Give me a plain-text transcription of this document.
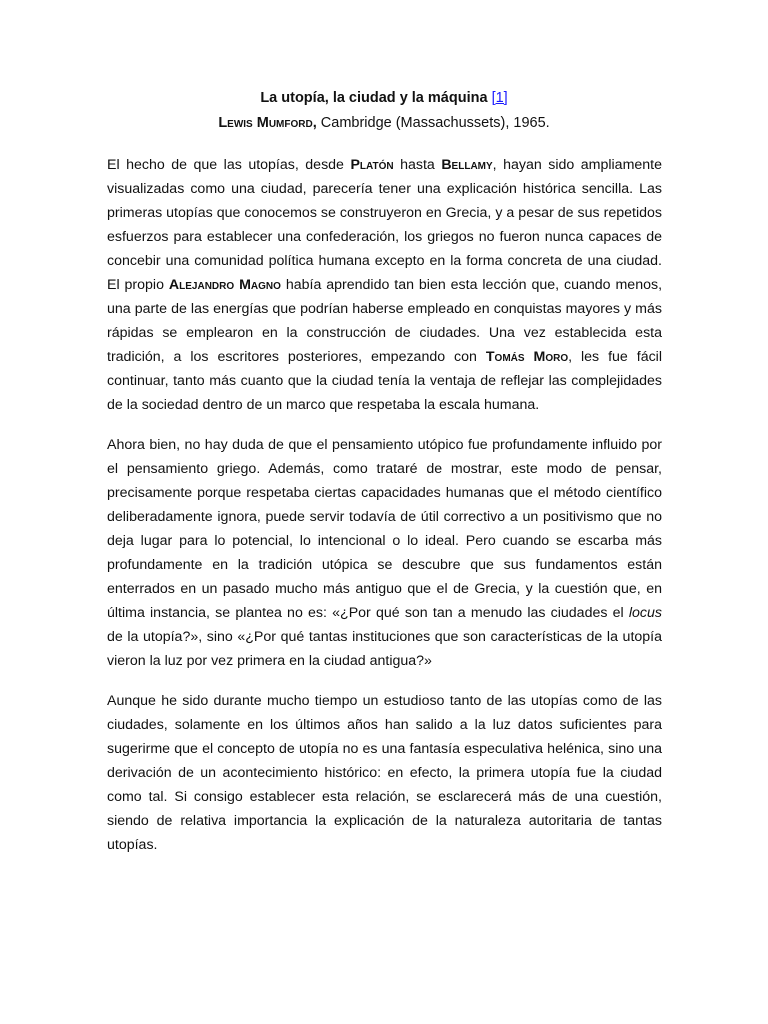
La utopía, la ciudad y la máquina [1]

Lewis Mumford, Cambridge (Massachussets), 1965.

El hecho de que las utopías, desde Platón hasta Bellamy, hayan sido ampliamente visualizadas como una ciudad, parecería tener una explicación histórica sencilla. Las primeras utopías que conocemos se construyeron en Grecia, y a pesar de sus repetidos esfuerzos para establecer una confederación, los griegos no fueron nunca capaces de concebir una comunidad política humana excepto en la forma concreta de una ciudad. El propio Alejandro Magno había aprendido tan bien esta lección que, cuando menos, una parte de las energías que podrían haberse empleado en conquistas mayores y más rápidas se emplearon en la construcción de ciudades. Una vez establecida esta tradición, a los escritores posteriores, empezando con Tomás Moro, les fue fácil continuar, tanto más cuanto que la ciudad tenía la ventaja de reflejar las complejidades de la sociedad dentro de un marco que respetaba la escala humana.

Ahora bien, no hay duda de que el pensamiento utópico fue profundamente influido por el pensamiento griego. Además, como trataré de mostrar, este modo de pensar, precisamente porque respetaba ciertas capacidades humanas que el método científico deliberadamente ignora, puede servir todavía de útil correctivo a un positivismo que no deja lugar para lo potencial, lo intencional o lo ideal. Pero cuando se escarba más profundamente en la tradición utópica se descubre que sus fundamentos están enterrados en un pasado mucho más antiguo que el de Grecia, y la cuestión que, en última instancia, se plantea no es: «¿Por qué son tan a menudo las ciudades el locus de la utopía?», sino «¿Por qué tantas instituciones que son características de la utopía vieron la luz por vez primera en la ciudad antigua?»

Aunque he sido durante mucho tiempo un estudioso tanto de las utopías como de las ciudades, solamente en los últimos años han salido a la luz datos suficientes para sugerirme que el concepto de utopía no es una fantasía especulativa helénica, sino una derivación de un acontecimiento histórico: en efecto, la primera utopía fue la ciudad como tal. Si consigo establecer esta relación, se esclarecerá más de una cuestión, siendo de relativa importancia la explicación de la naturaleza autoritaria de tantas utopías.
